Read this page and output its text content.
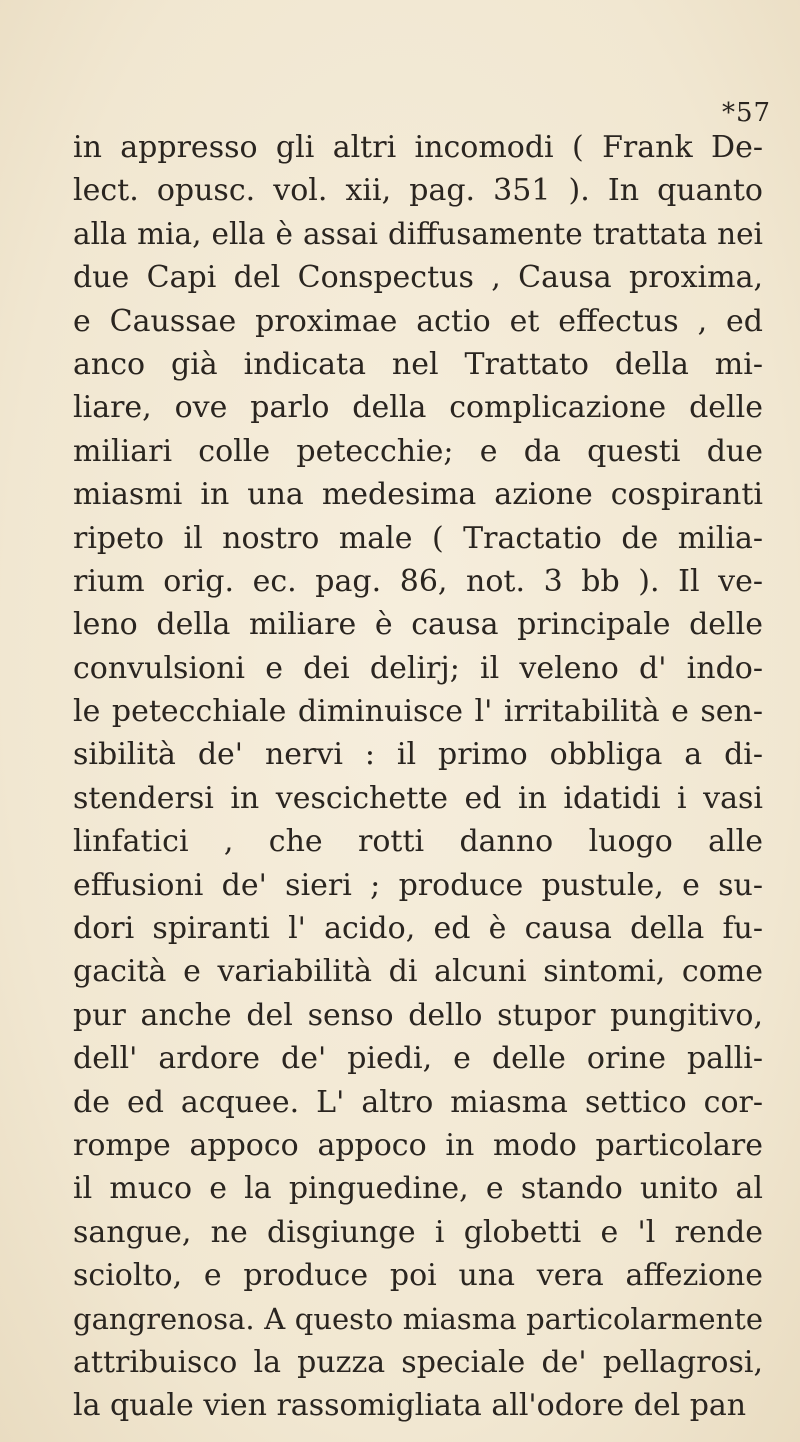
*57
in appresso gli altri incomodi ( Frank De-
lect. opusc. vol. xii, pag. 351 ). In quanto
alla mia, ella è assai diffusamente trattata nei
due Capi del Conspectus , Causa proxima,
e Caussae proximae actio et effectus , ed
anco già indicata nel Trattato della mi-
liare, ove parlo della complicazione delle
miliari colle petecchie; e da questi due
miasmi in una medesima azione cospiranti
ripeto il nostro male ( Tractatio de milia-
rium orig. ec. pag. 86, not. 3 bb ). Il ve-
leno della miliare è causa principale delle
convulsioni e dei delirj; il veleno d' indo-
le petecchiale diminuisce l' irritabilità e sen-
sibilità de' nervi : il primo obbliga a di-
stendersi in vescichette ed in idatidi i vasi
linfatici , che rotti danno luogo alle
effusioni de' sieri ; produce pustule, e su-
dori spiranti l' acido, ed è causa della fu-
gacità e variabilità di alcuni sintomi, come
pur anche del senso dello stupor pungitivo,
dell' ardore de' piedi, e delle orine palli-
de ed acquee. L' altro miasma settico cor-
rompe appoco appoco in modo particolare
il muco e la pinguedine, e stando unito al
sangue, ne disgiunge i globetti e 'l rende
sciolto, e produce poi una vera affezione
gangrenosa. A questo miasma particolarmente
attribuisco la puzza speciale de' pellagrosi,
la quale vien rassomigliata all'odore del pan
